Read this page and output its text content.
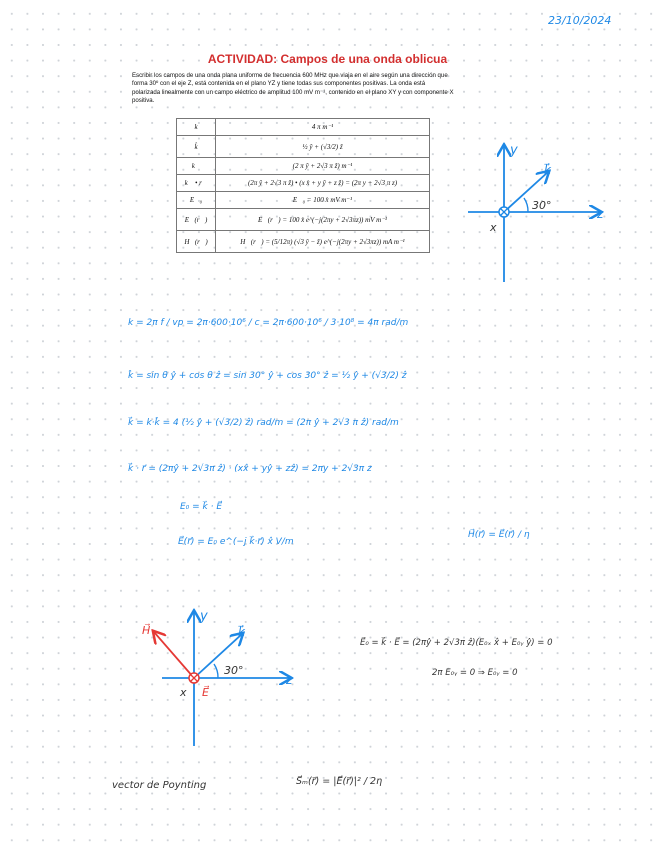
23/10/2024
ACTIVIDAD: Campos de una onda oblicua
Escribir los campos de una onda plana uniforme de frecuencia 600 MHz que viaja en el aire según una dirección que forma 30º con el eje Z, está contenida en el plano YZ y tiene todas sus componentes positivas. La onda está polarizada linealmente con un campo eléctrico de amplitud 100 mV m⁻¹, contenido en el plano XY y con componente X positiva.
k	4 π m⁻¹
k̂	½ ŷ + (√3/2) ẑ
k⃗	(2 π ŷ + 2√3 π ẑ) m⁻¹
k⃗ • r⃗	(2π ŷ + 2√3 π ẑ) • (x x̂ + y ŷ + z ẑ) = (2π y + 2√3 π z)
E⃗₀	E⃗₀ = 100 x̂ mV m⁻¹
E⃗(r⃗)	E⃗(r⃗) = 100 x̂ e^(−j(2πy + 2√3πz)) mV m⁻¹
H⃗(r⃗)	H⃗(r⃗) = (5/12π) (√3 ŷ − ẑ) e^(−j(2πy + 2√3πz)) mA m⁻¹
y
z
x
k⃗
30°
k = 2π f / vp = 2π·600·10⁶ / c = 2π·600·10⁶ / 3·10⁸ = 4π rad/m
k̂ = sin θ ŷ + cos θ ẑ = sin 30° ŷ + cos 30° ẑ = ½ ŷ + (√3/2) ẑ
k⃗ = k·k̂ = 4 (½ ŷ + (√3/2) ẑ) rad/m = (2π ŷ + 2√3 π ẑ) rad/m
k⃗ · r⃗ = (2πŷ + 2√3π ẑ) · (xx̂ + yŷ + zẑ) = 2πy + 2√3π z
E₀ = k⃗ · E⃗
E⃗(r⃗) = E₀ e^(−j k⃗·r⃗) x̂ V/m
H⃗(r⃗) = E⃗(r⃗) / η
y
z
x
k⃗
H⃗
E⃗
30°
E⃗₀ = k⃗ · E⃗ = (2πŷ + 2√3π ẑ)(E₀ₓ x̂ + E₀ᵧ ŷ) = 0
2π E₀ᵧ = 0 ⇒ E₀ᵧ = 0
vector de Poynting	S⃗ₘ(r⃗) = |E⃗(r⃗)|² / 2η
